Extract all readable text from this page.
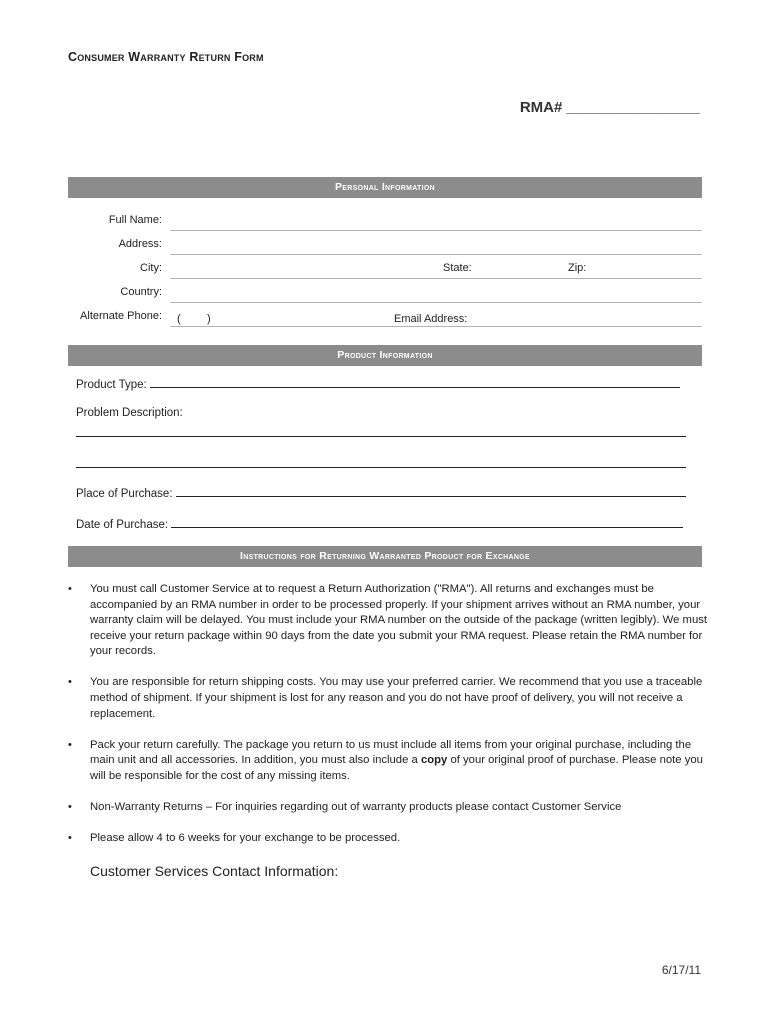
Consumer Warranty Return Form
RMA# ________________
Personal Information
Full Name:
Address:
City:	State:	Zip:
Country:
Alternate Phone: ( )	Email Address:
Product Information
Product Type:
Problem Description:
Place of Purchase:
Date of Purchase:
Instructions for Returning Warranted Product for Exchange
• You must call Customer Service at to request a Return Authorization ("RMA"). All returns and exchanges must be accompanied by an RMA number in order to be processed properly. If your shipment arrives without an RMA number, your warranty claim will be delayed. You must include your RMA number on the outside of the package (written legibly). We must receive your return package within 90 days from the date you submit your RMA request. Please retain the RMA number for your records.
• You are responsible for return shipping costs. You may use your preferred carrier. We recommend that you use a traceable method of shipment. If your shipment is lost for any reason and you do not have proof of delivery, you will not receive a replacement.
• Pack your return carefully. The package you return to us must include all items from your original purchase, including the main unit and all accessories. In addition, you must also include a copy of your original proof of purchase. Please note you will be responsible for the cost of any missing items.
• Non-Warranty Returns – For inquiries regarding out of warranty products please contact Customer Service
• Please allow 4 to 6 weeks for your exchange to be processed.
Customer Services Contact Information:
6/17/11
